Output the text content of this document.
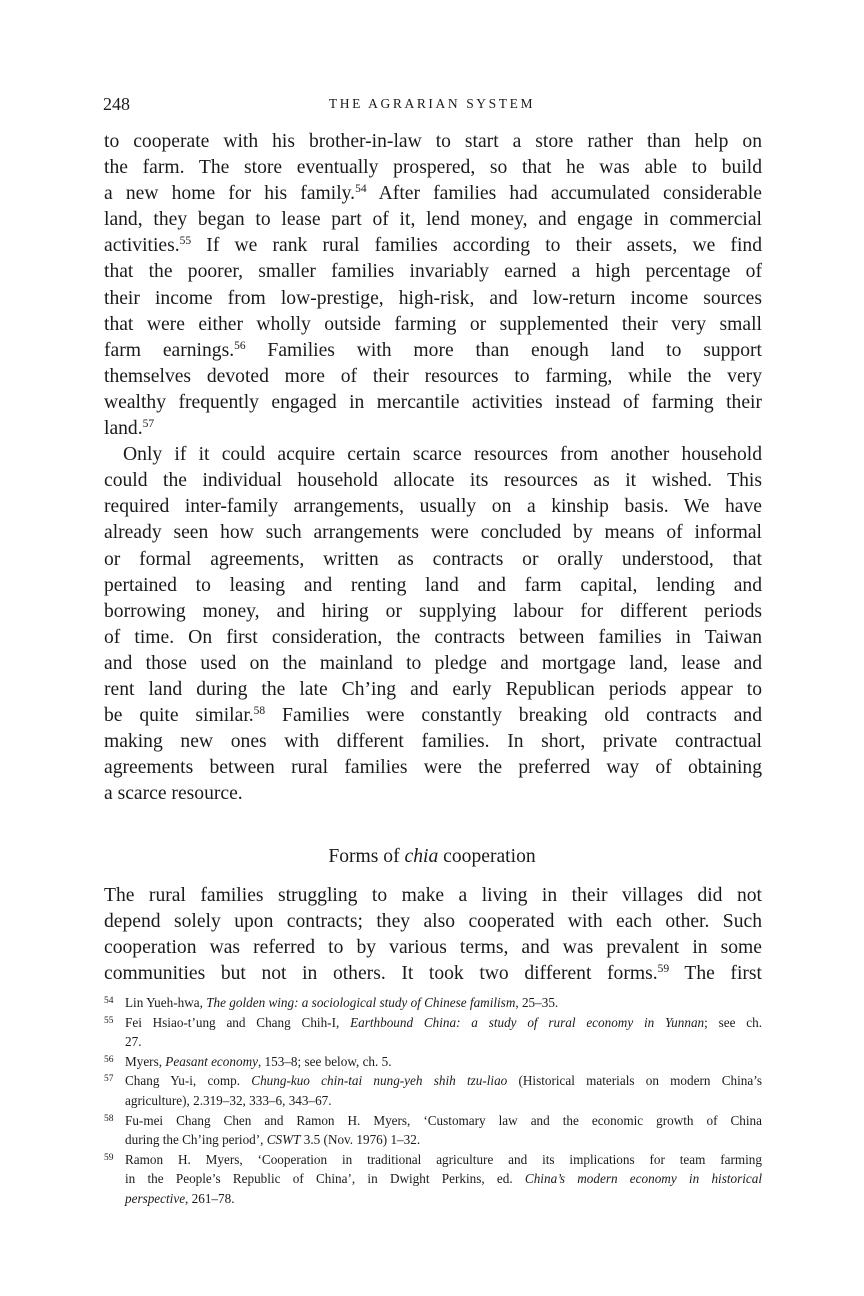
248	THE AGRARIAN SYSTEM
to cooperate with his brother-in-law to start a store rather than help on
the farm. The store eventually prospered, so that he was able to build
a new home for his family.$^{54}$ After families had accumulated considerable
land, they began to lease part of it, lend money, and engage in commercial
activities.$^{55}$ If we rank rural families according to their assets, we find
that the poorer, smaller families invariably earned a high percentage of
their income from low-prestige, high-risk, and low-return income sources
that were either wholly outside farming or supplemented their very small
farm earnings.$^{56}$ Families with more than enough land to support
themselves devoted more of their resources to farming, while the very
wealthy frequently engaged in mercantile activities instead of farming their
land.$^{57}$
Only if it could acquire certain scarce resources from another household
could the individual household allocate its resources as it wished. This
required inter-family arrangements, usually on a kinship basis. We have
already seen how such arrangements were concluded by means of informal
or formal agreements, written as contracts or orally understood, that
pertained to leasing and renting land and farm capital, lending and
borrowing money, and hiring or supplying labour for different periods
of time. On first consideration, the contracts between families in Taiwan
and those used on the mainland to pledge and mortgage land, lease and
rent land during the late Ch’ing and early Republican periods appear to
be quite similar.$^{58}$ Families were constantly breaking old contracts and
making new ones with different families. In short, private contractual
agreements between rural families were the preferred way of obtaining
a scarce resource.
Forms of chia cooperation
The rural families struggling to make a living in their villages did not
depend solely upon contracts; they also cooperated with each other. Such
cooperation was referred to by various terms, and was prevalent in some
communities but not in others. It took two different forms.$^{59}$ The first
54 Lin Yueh-hwa, The golden wing: a sociological study of Chinese familism, 25–35.
55 Fei Hsiao-t’ung and Chang Chih-I, Earthbound China: a study of rural economy in Yunnan; see ch.
27.
56 Myers, Peasant economy, 153–8; see below, ch. 5.
57 Chang Yu-i, comp. Chung-kuo chin-tai nung-yeh shih tzu-liao (Historical materials on modern China’s
agriculture), 2.319–32, 333–6, 343–67.
58 Fu-mei Chang Chen and Ramon H. Myers, ‘Customary law and the economic growth of China
during the Ch’ing period’, CSWT 3.5 (Nov. 1976) 1–32.
59 Ramon H. Myers, ‘Cooperation in traditional agriculture and its implications for team farming
in the People’s Republic of China’, in Dwight Perkins, ed. China’s modern economy in historical
perspective, 261–78.
